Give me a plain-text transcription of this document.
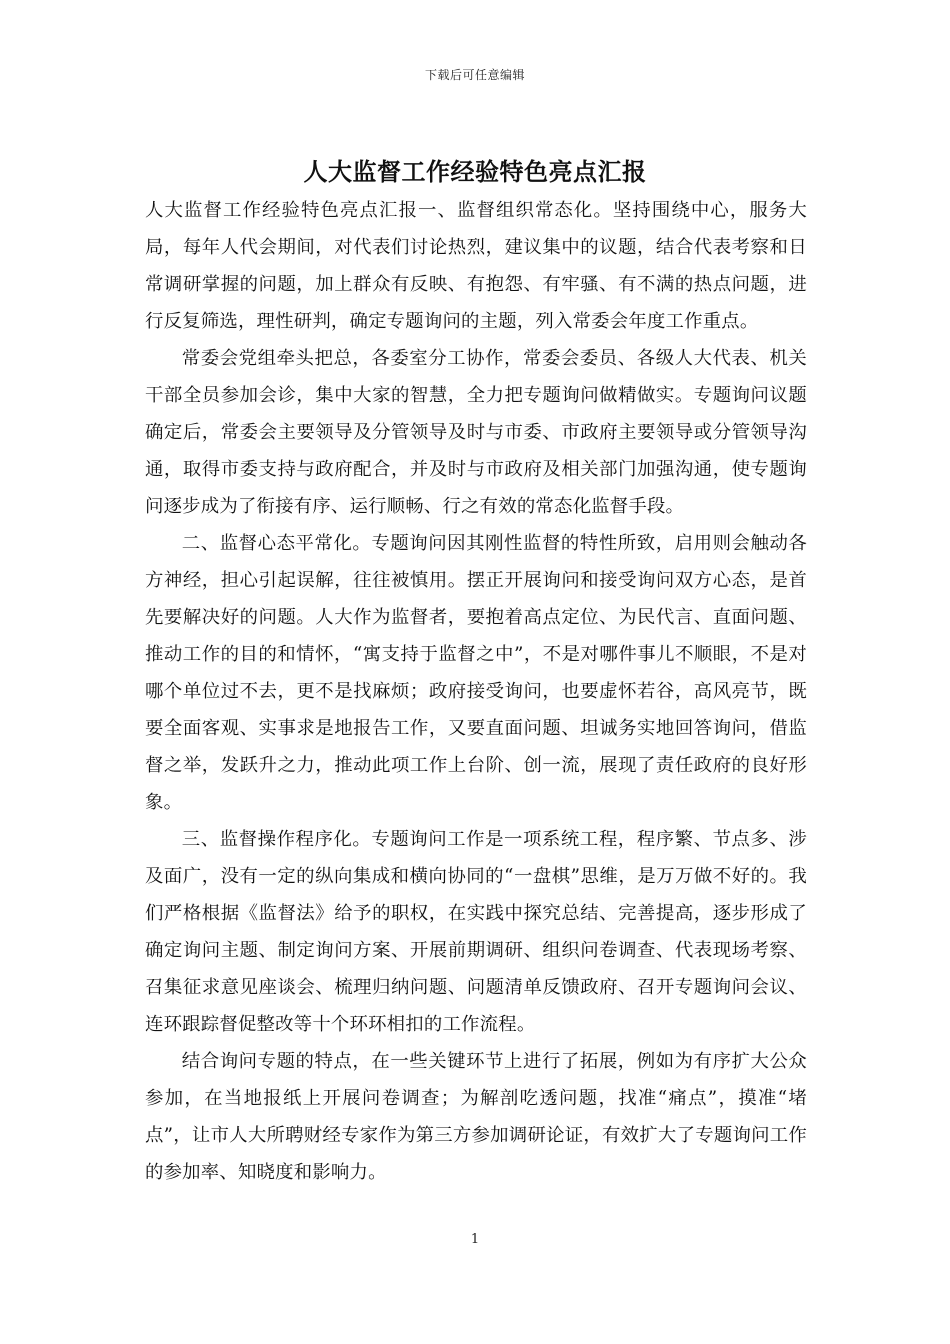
下载后可任意编辑
人大监督工作经验特色亮点汇报

人大监督工作经验特色亮点汇报一、监督组织常态化。坚持围绕中心，服务大局，每年人代会期间，对代表们讨论热烈，建议集中的议题，结合代表考察和日常调研掌握的问题，加上群众有反映、有抱怨、有牢骚、有不满的热点问题，进行反复筛选，理性研判，确定专题询问的主题，列入常委会年度工作重点。

常委会党组牵头把总，各委室分工协作，常委会委员、各级人大代表、机关干部全员参加会诊，集中大家的智慧，全力把专题询问做精做实。专题询问议题确定后，常委会主要领导及分管领导及时与市委、市政府主要领导或分管领导沟通，取得市委支持与政府配合，并及时与市政府及相关部门加强沟通，使专题询问逐步成为了衔接有序、运行顺畅、行之有效的常态化监督手段。

二、监督心态平常化。专题询问因其刚性监督的特性所致，启用则会触动各方神经，担心引起误解，往往被慎用。摆正开展询问和接受询问双方心态，是首先要解决好的问题。人大作为监督者，要抱着高点定位、为民代言、直面问题、推动工作的目的和情怀，“寓支持于监督之中”，不是对哪件事儿不顺眼，不是对哪个单位过不去，更不是找麻烦；政府接受询问，也要虚怀若谷，高风亮节，既要全面客观、实事求是地报告工作，又要直面问题、坦诚务实地回答询问，借监督之举，发跃升之力，推动此项工作上台阶、创一流，展现了责任政府的良好形象。

三、监督操作程序化。专题询问工作是一项系统工程，程序繁、节点多、涉及面广，没有一定的纵向集成和横向协同的“一盘棋”思维，是万万做不好的。我们严格根据《监督法》给予的职权，在实践中探究总结、完善提高，逐步形成了确定询问主题、制定询问方案、开展前期调研、组织问卷调查、代表现场考察、召集征求意见座谈会、梳理归纳问题、问题清单反馈政府、召开专题询问会议、连环跟踪督促整改等十个环环相扣的工作流程。

结合询问专题的特点，在一些关键环节上进行了拓展，例如为有序扩大公众参加，在当地报纸上开展问卷调查；为解剖吃透问题，找准“痛点”，摸准“堵点”，让市人大所聘财经专家作为第三方参加调研论证，有效扩大了专题询问工作的参加率、知晓度和影响力。

1
